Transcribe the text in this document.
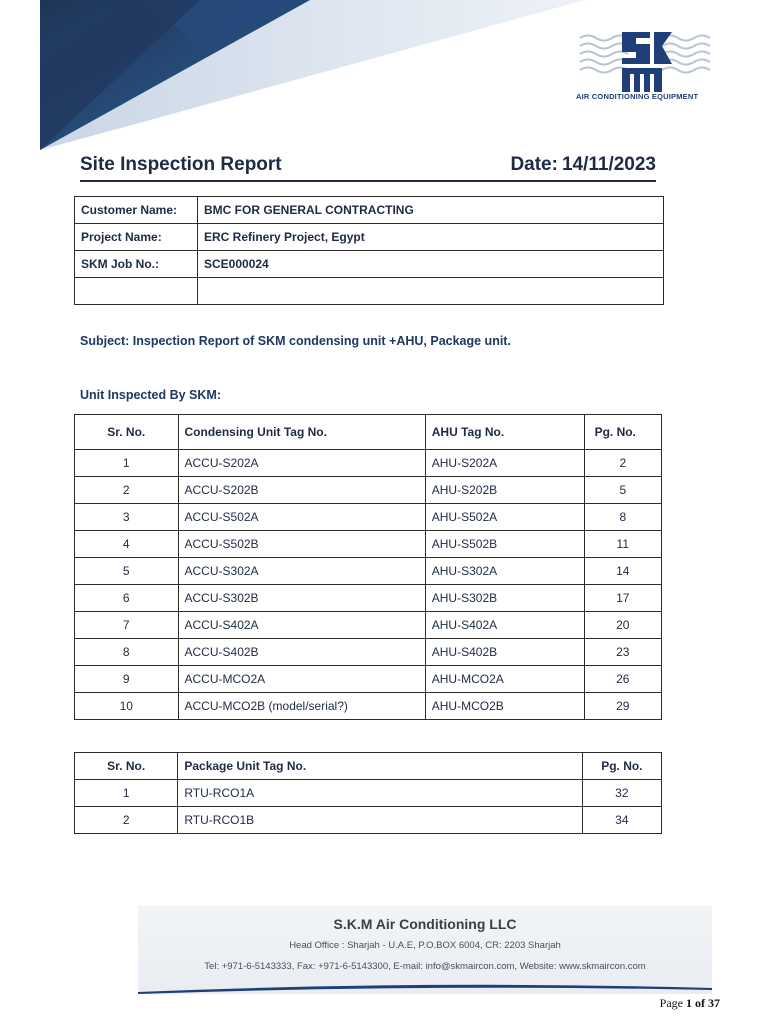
AIR CONDITIONING EQUIPMENT
Site Inspection Report	Date: 14/11/2023
Customer Name:	BMC FOR GENERAL CONTRACTING
Project Name:	ERC Refinery Project, Egypt
SKM Job No.:	SCE000024

Subject: Inspection Report of SKM condensing unit +AHU, Package unit.
Unit Inspected By SKM:
Sr. No.	Condensing Unit Tag No.	AHU Tag No.	Pg. No.
1	ACCU-S202A	AHU-S202A	2
2	ACCU-S202B	AHU-S202B	5
3	ACCU-S502A	AHU-S502A	8
4	ACCU-S502B	AHU-S502B	11
5	ACCU-S302A	AHU-S302A	14
6	ACCU-S302B	AHU-S302B	17
7	ACCU-S402A	AHU-S402A	20
8	ACCU-S402B	AHU-S402B	23
9	ACCU-MCO2A	AHU-MCO2A	26
10	ACCU-MCO2B (model/serial?)	AHU-MCO2B	29
Sr. No.	Package Unit Tag No.	Pg. No.
1	RTU-RCO1A	32
2	RTU-RCO1B	34
S.K.M Air Conditioning LLC
Head Office : Sharjah - U.A.E, P.O.BOX 6004, CR: 2203 Sharjah
Tel: +971-6-5143333, Fax: +971-6-5143300, E-mail: info@skmaircon.com, Website: www.skmaircon.com
Page 1 of 37
